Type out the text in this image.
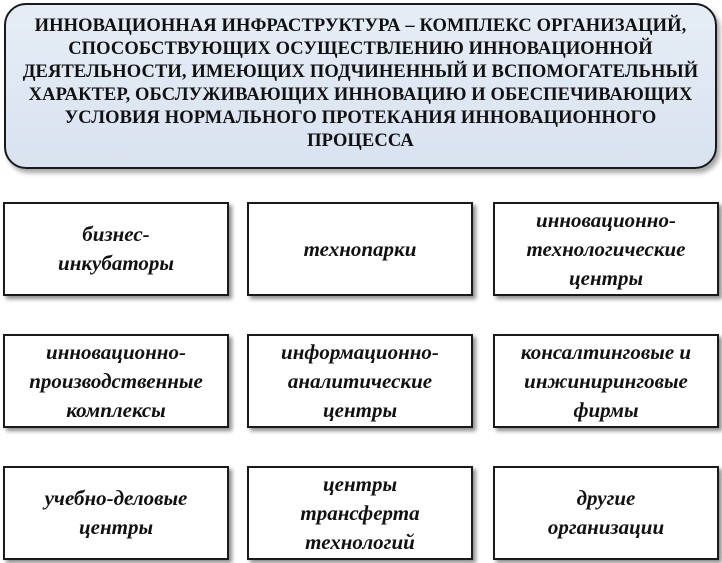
ИННОВАЦИОННАЯ ИНФРАСТРУКТУРА – КОМПЛЕКС ОРГАНИЗАЦИЙ,
СПОСОБСТВУЮЩИХ ОСУЩЕСТВЛЕНИЮ ИННОВАЦИОННОЙ
ДЕЯТЕЛЬНОСТИ, ИМЕЮЩИХ ПОДЧИНЕННЫЙ И ВСПОМОГАТЕЛЬНЫЙ
ХАРАКТЕР, ОБСЛУЖИВАЮЩИХ ИННОВАЦИЮ И ОБЕСПЕЧИВАЮЩИХ
УСЛОВИЯ НОРМАЛЬНОГО ПРОТЕКАНИЯ ИННОВАЦИОННОГО
ПРОЦЕССА
бизнес-
инкубаторы
технопарки
инновационно-
технологические
центры
инновационно-
производственные
комплексы
информационно-
аналитические
центры
консалтинговые и
инжиниринговые
фирмы
учебно-деловые
центры
центры
трансферта
технологий
другие
организации
